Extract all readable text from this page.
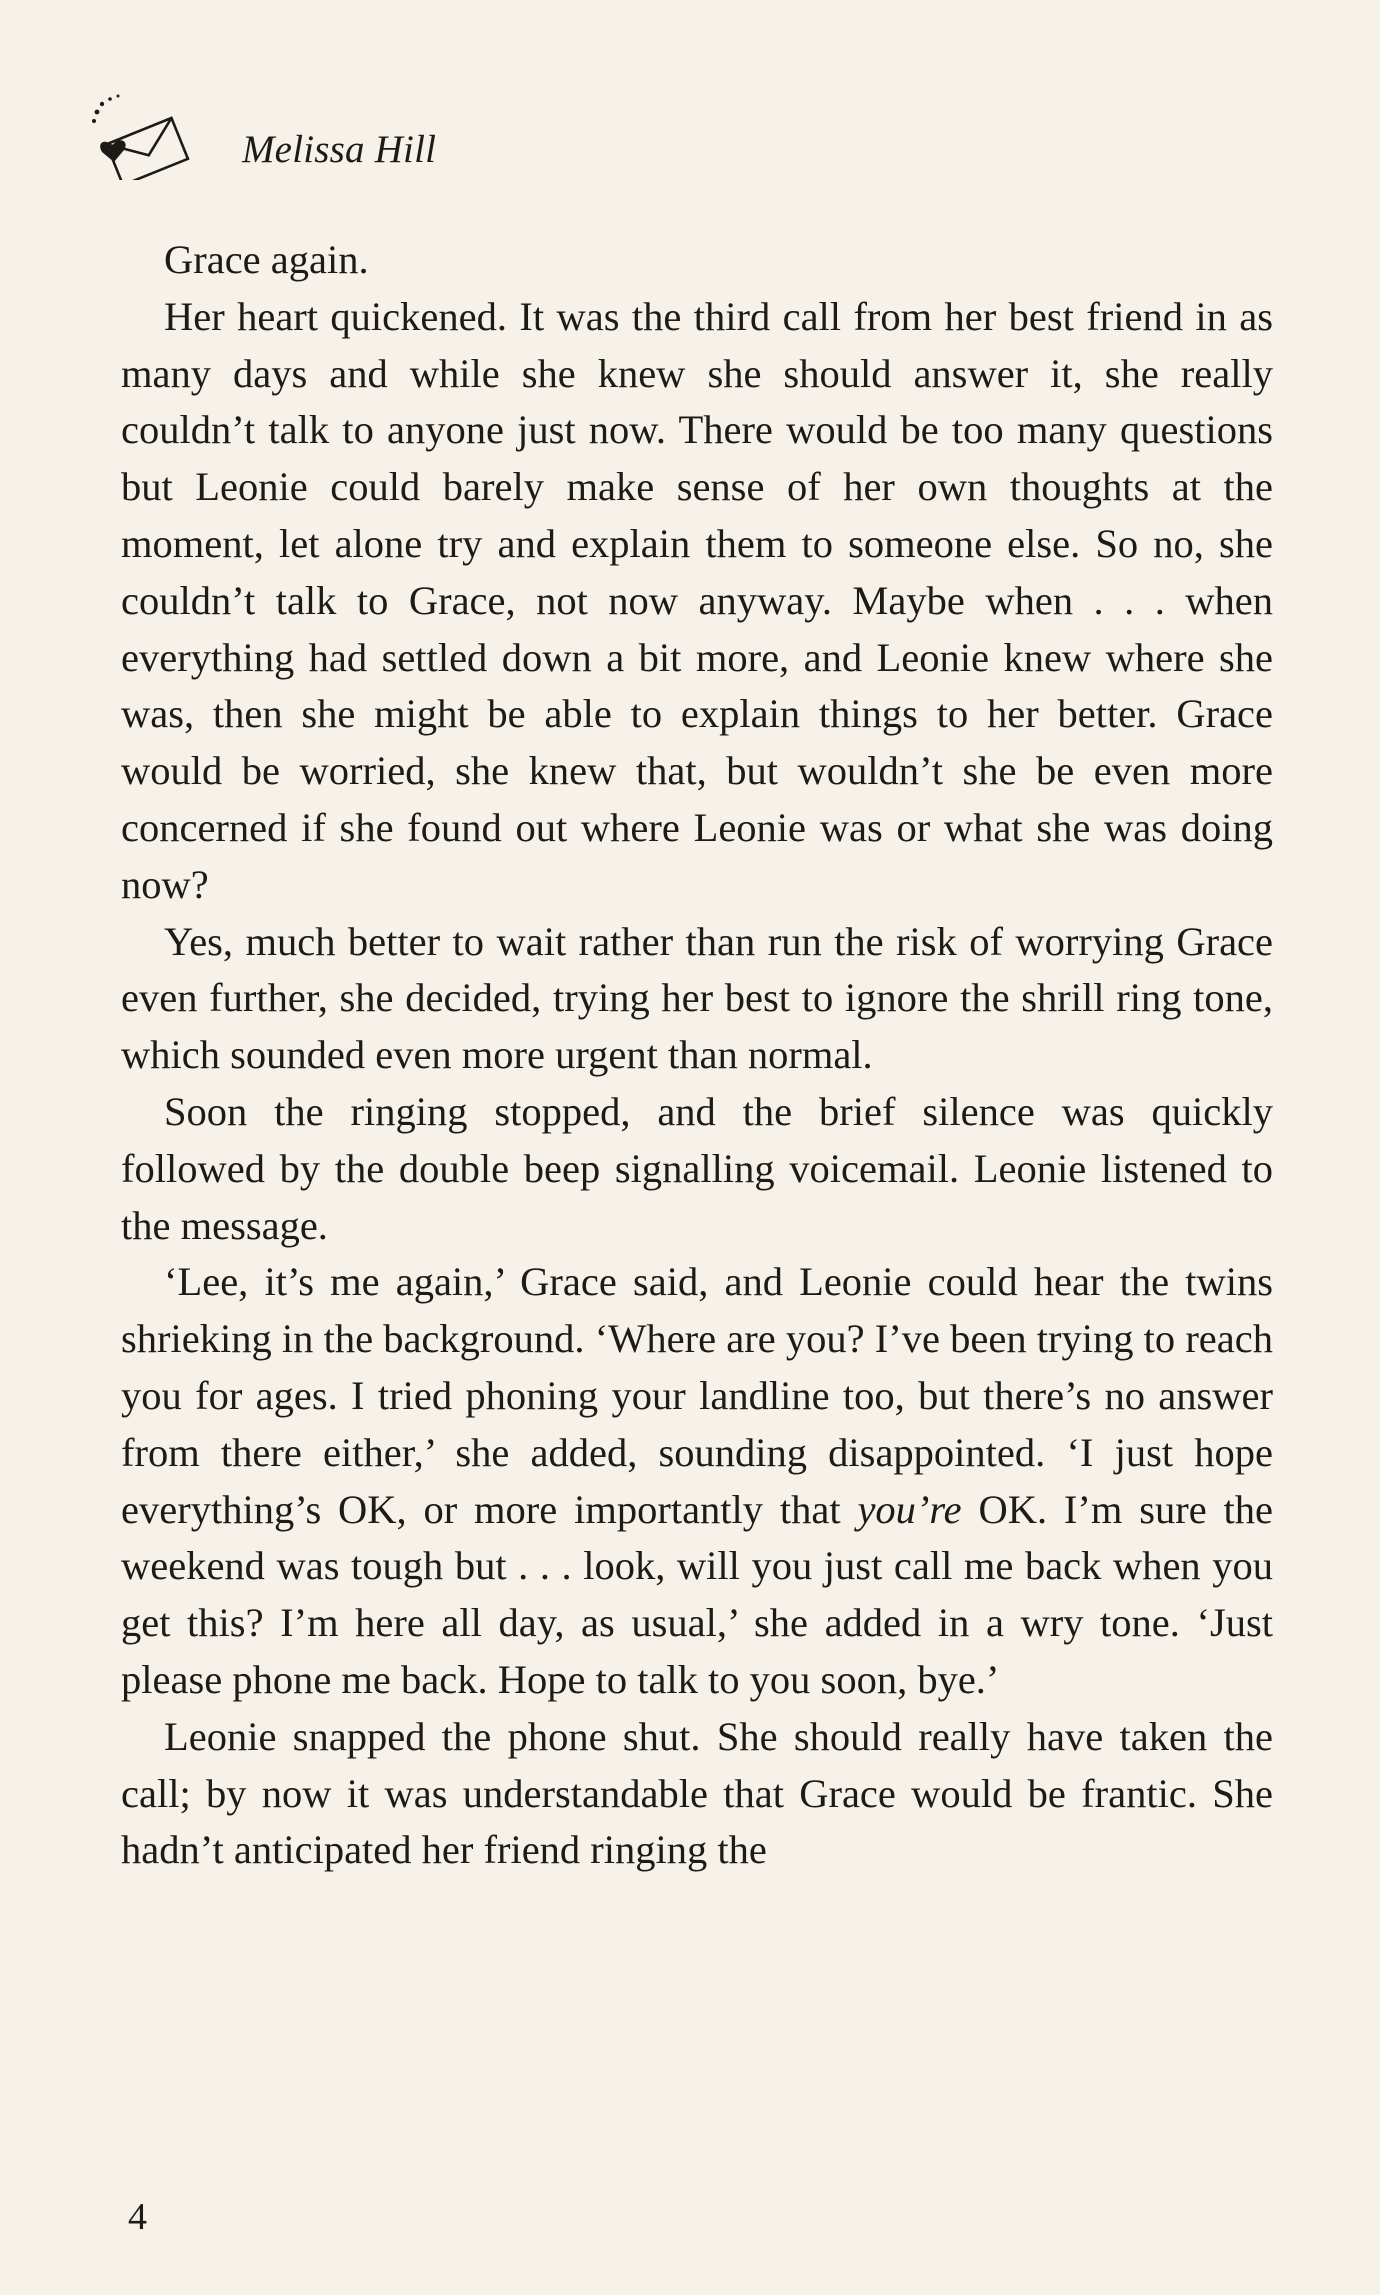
Melissa Hill

Grace again.

Her heart quickened. It was the third call from her best friend in as many days and while she knew she should answer it, she really couldn’t talk to anyone just now. There would be too many questions but Leonie could barely make sense of her own thoughts at the moment, let alone try and explain them to someone else. So no, she couldn’t talk to Grace, not now anyway. Maybe when . . . when everything had settled down a bit more, and Leonie knew where she was, then she might be able to explain things to her better. Grace would be worried, she knew that, but wouldn’t she be even more concerned if she found out where Leonie was or what she was doing now?

Yes, much better to wait rather than run the risk of worrying Grace even further, she decided, trying her best to ignore the shrill ring tone, which sounded even more urgent than normal.

Soon the ringing stopped, and the brief silence was quickly followed by the double beep signalling voicemail. Leonie listened to the message.

‘Lee, it’s me again,’ Grace said, and Leonie could hear the twins shrieking in the background. ‘Where are you? I’ve been trying to reach you for ages. I tried phoning your landline too, but there’s no answer from there either,’ she added, sounding disappointed. ‘I just hope everything’s OK, or more importantly that you’re OK. I’m sure the weekend was tough but . . . look, will you just call me back when you get this? I’m here all day, as usual,’ she added in a wry tone. ‘Just please phone me back. Hope to talk to you soon, bye.’

Leonie snapped the phone shut. She should really have taken the call; by now it was understandable that Grace would be frantic. She hadn’t anticipated her friend ringing the

4
